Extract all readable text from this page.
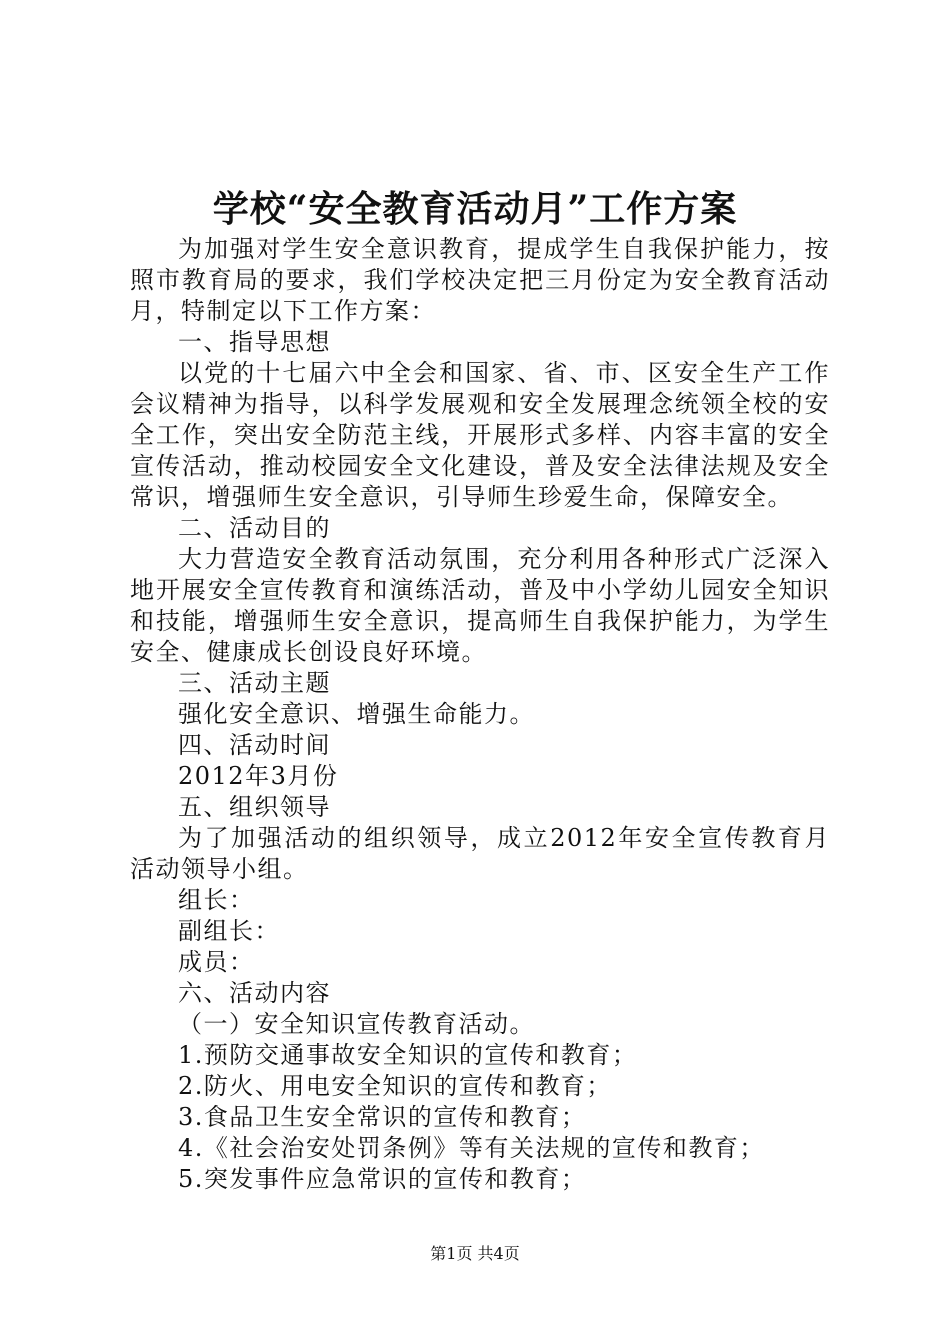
学校“安全教育活动月”工作方案

为加强对学生安全意识教育，提成学生自我保护能力，按照市教育局的要求，我们学校决定把三月份定为安全教育活动月，特制定以下工作方案：

一、指导思想

以党的十七届六中全会和国家、省、市、区安全生产工作会议精神为指导，以科学发展观和安全发展理念统领全校的安全工作，突出安全防范主线，开展形式多样、内容丰富的安全宣传活动，推动校园安全文化建设，普及安全法律法规及安全常识，增强师生安全意识，引导师生珍爱生命，保障安全。

二、活动目的

大力营造安全教育活动氛围，充分利用各种形式广泛深入地开展安全宣传教育和演练活动，普及中小学幼儿园安全知识和技能，增强师生安全意识，提高师生自我保护能力，为学生安全、健康成长创设良好环境。

三、活动主题

强化安全意识、增强生命能力。

四、活动时间

2012年3月份

五、组织领导

为了加强活动的组织领导，成立2012年安全宣传教育月活动领导小组。

组长：

副组长：

成员：

六、活动内容

（一）安全知识宣传教育活动。

1.预防交通事故安全知识的宣传和教育；

2.防火、用电安全知识的宣传和教育；

3.食品卫生安全常识的宣传和教育；

4.《社会治安处罚条例》等有关法规的宣传和教育；

5.突发事件应急常识的宣传和教育；

第1页 共4页
